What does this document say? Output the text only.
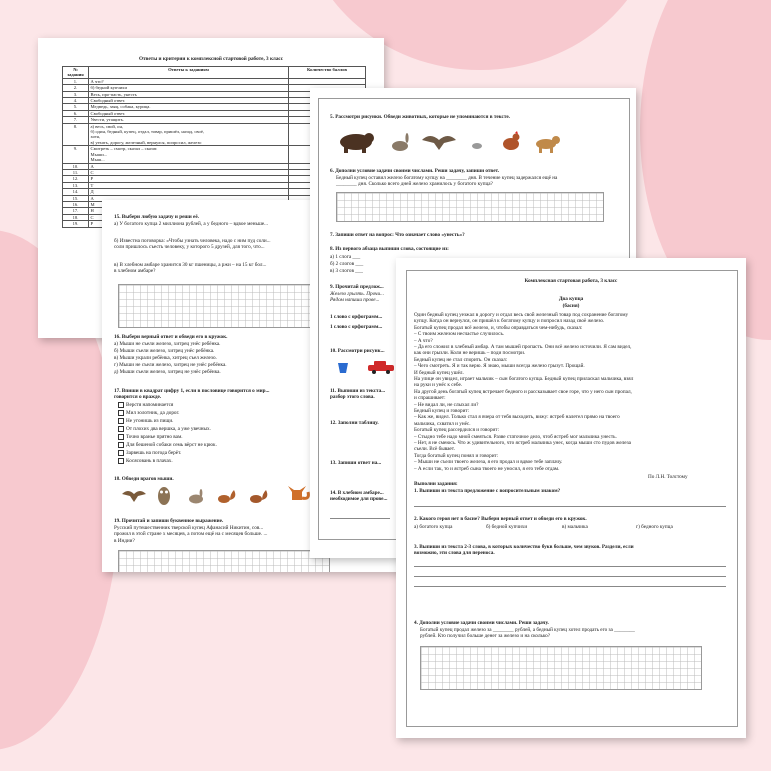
Ответы и критерии к комплексной стартовой работе, 3 класс
№ задания	Ответы к заданиям	Количество баллов
1.	А что?	
2.	б) бедной купчихи	
3.	Весь, про-пасть, унесть	
4.	Свободный ответ.	
5.	Медведь, заяц, собака, курица.	
6.	Свободный ответ.	
7.	Увести, утащить.	
8.	а) весь, свой, он,
б) один, бедный, купец, отдал, товар, пришёл, назад, своё,
хотя,
в) уехать, дорогу, железный, вернулся, попросил, железо	
9.	Смотреть – смотр, сказал – сказат.
Мыши...
Мыш...	
10.	А	
11.	С	
12.	Р	
13.	Т	
14.	Д	
15.	А	
16.	М	
17.	Н	
18.	С	
19.	Р	
15. Выбери любую задачу и реши её.
а) У богатого купца 2 миллиона рублей, а у бедного – вдвое меньше...
б) Известна поговорка: «Чтобы узнать человека, надо с ним пуд соли...
соли пришлось съесть человеку, у которого 5 друзей, для того, что...
в) В хлебном амбаре хранится 30 кг пшеницы, а ржи – на 15 кг бол...
в хлебном амбаре?
16. Выбери верный ответ и обведи его в кружок.
17. Впиши в квадрат цифру 1, если в пословице говорится о мир...
говорится о вражде.
18. Обведи врагов мыши.
19. Прочитай и запиши буквенное выражение.
Русский путешественник тверской купец Афанасий Никитин, сов...
прожил в этой стране х месяцев, а потом ещё на с месяцев больше. ...
в Индии?
а) Мыши не съели железо, хитрец унёс ребёнка.
б) Мыши съели железо, хитрец унёс ребёнка.
в) Мыши украли ребёнка, хитрец съел железо.
г) Мыши не съели железо, хитрец не унёс ребёнка.
д) Мыши съели железо, хитрец не унёс ребёнка.
Верстя напоминается
Мил золотник, да дорог.
Не угонишь из пищи.
От плохих два вершка, а уже увечных.
Точно вранье прятно вам.
Для бешеной собаки семь вёрст не крюк.
Зарвешь на погода берёт.
Косясовань в плачах.
5. Рассмотри рисунки. Обведи животных, которые не упоминаются в тексте.
6. Дополни условие задачи своими числами. Реши задачу, запиши ответ.
Бедный купец оставил железо богатому купцу на ________ дня. В течение купец задержался ещё на
________ дня. Сколько всего дней железо хранилось у богатого купца?
7. Запиши ответ на вопрос: Что означает слово «унесть»?
8. Из первого абзаца выпиши слова, состоящие из:
а) 1 слога ___
б) 2 слогов ___
в) 3 слогов ___
9. Прочитай предлож...
Железо грызть. Прочи...
Рядом напиши прове...
1 слово с орфограмм...
1 слово с орфограмм...
10. Рассмотри рисунк...
11. Выпиши из текста...
разбор этого слова.
12. Заполни таблицу.
13. Запиши ответ на...
14. В хлебном амбаре...
необходимое для прове...
Комплексная стартовая работа, 3 класс
Два купца
(басня)
По Л.Н. Толстому
Выполни задания:
1. Выпиши из текста предложение с вопросительным знаком?
2. Какого героя нет в басне? Выбери верный ответ и обведи его в кружок.
а) богатого купца	б) бедной купчихи	в) мальчика	г) бедного купца
3. Выпиши из текста 2-3 слова, в которых количество букв больше, чем звуков. Раздели, если
возможно, эти слова для переноса.
4. Дополни условие задачи своими числами. Реши задачу.
Богатый купец продал железо за ________ рублей, а бедный купец хотел продать его за ________
рублей. Кто получил больше денег за железо и на сколько?
Один бедный купец уезжал в дорогу и отдал весь свой железный товар под сохранение богатому
купцу. Когда он вернулся, он пришёл к богатому купцу и попросил назад своё железо.
Богатый купец продал всё железо, и, чтобы оправдаться чем-нибудь, сказал:
– С твоим железом несчастье случилось.
– А что?
– Да его сложил в хлебный амбар. А там мышей пропасть. Они всё железо источили. Я сам видел,
как они грызли. Коли не веришь – поди посмотри.
Бедный купец не стал спорить. Он сказал:
– Чего смотреть. Я и так верю. Я знаю, мыши всегда железо грызут. Прощай.
И бедный купец ушёл.
На улице он увидел, играет мальчик – сын богатого купца. Бедный купец приласкал мальчика, взял
на руки и унёс к себе.
На другой день богатый купец встречает бедного и рассказывает свое горе, что у него сын пропал,
и спрашивает:
– Не видал ли, не слыхал ли?
Бедный купец и говорит:
– Как же, видел. Только стал я вчера от тебя выходить, вижу: ястреб налетел прямо на твоего
мальчика, схватил и унёс.
Богатый купец рассердился и говорит:
– Стыдно тебе надо мной смеяться. Разве статочное дело, чтоб ястреб мог мальчика унесть.
– Нет, я не смеюсь. Что ж удивительного, что ястреб мальчика унес, когда мыши сто пудов железа
съели. Всё бывает.
Тогда богатый купец понял и говорит:
– Мыши не съели твоего железа, я его продал и вдвое тебе заплачу.
– А если так, то и ястреб сына твоего не уносил, я его тебе отдам.
